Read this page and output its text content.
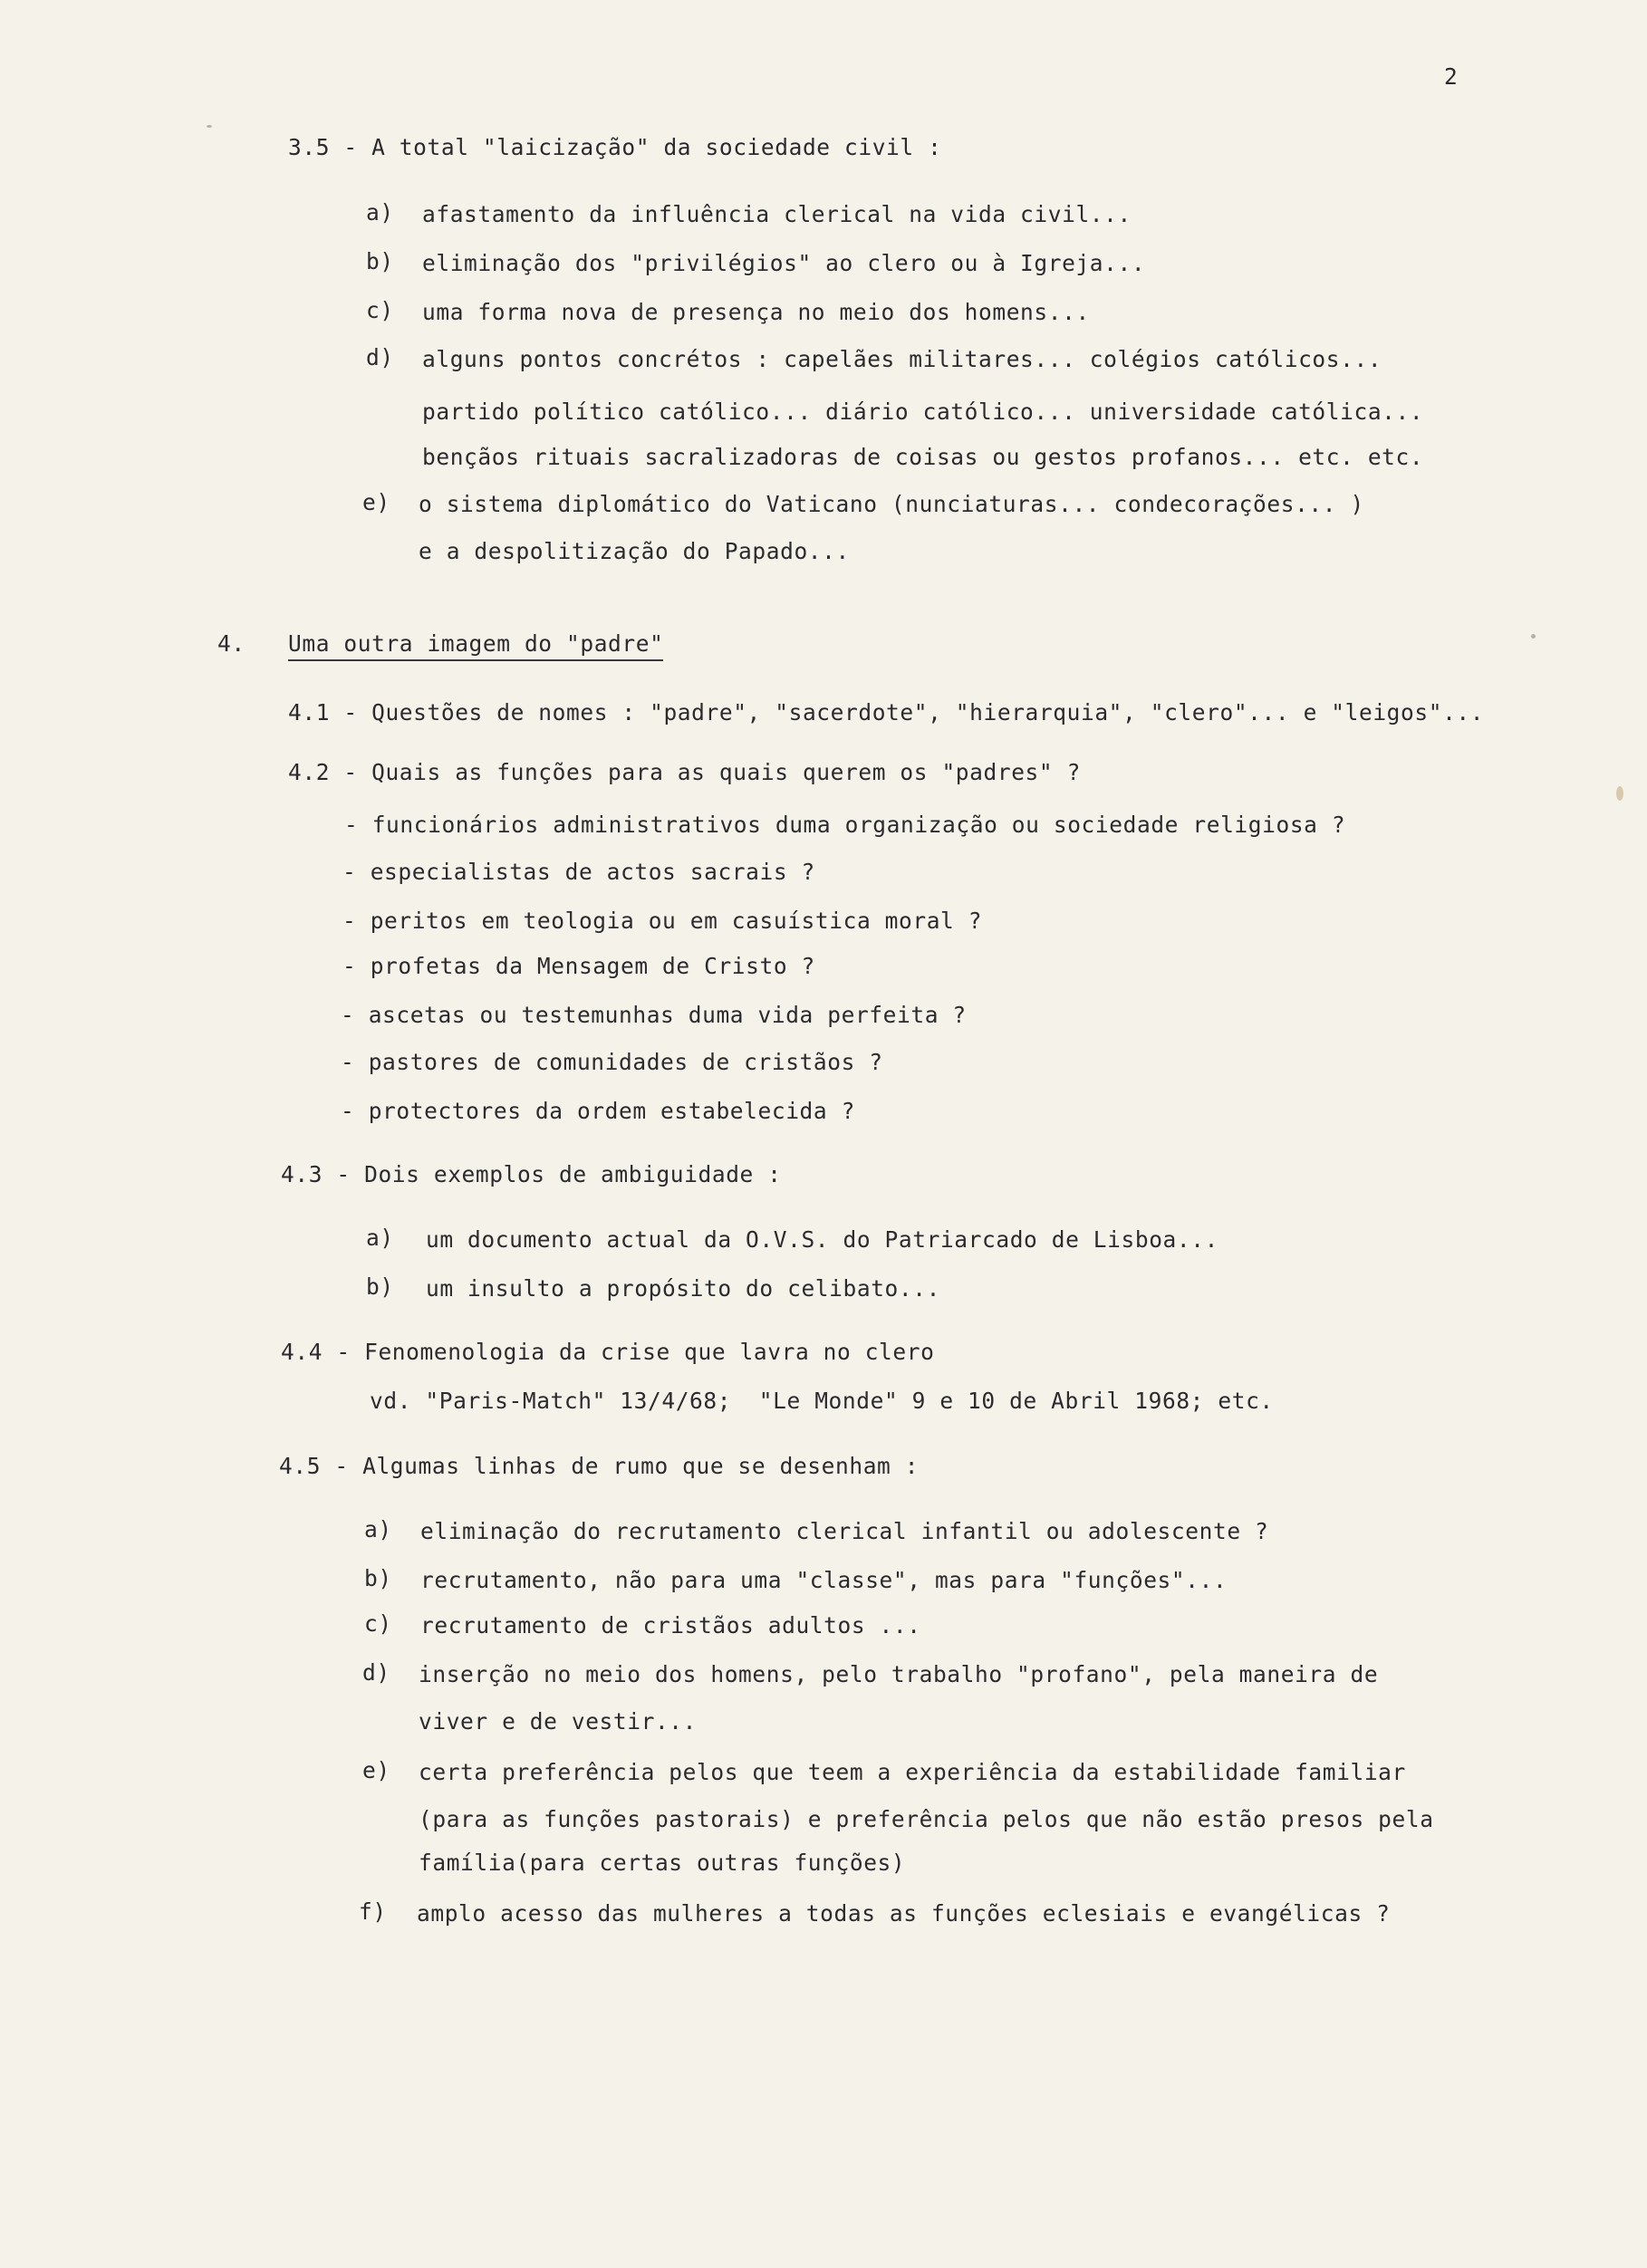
2
3.5 - A total "laicização" da sociedade civil :
a) afastamento da influência clerical na vida civil...
b) eliminação dos "privilégios" ao clero ou à Igreja...
c) uma forma nova de presença no meio dos homens...
d) alguns pontos concrétos : capelães militares... colégios católicos...
partido político católico... diário católico... universidade católica...
bençãos rituais sacralizadoras de coisas ou gestos profanos... etc. etc.
e) o sistema diplomático do Vaticano (nunciaturas... condecorações... )
e a despolitização do Papado...
4. Uma outra imagem do "padre"
4.1 - Questões de nomes : "padre", "sacerdote", "hierarquia", "clero"... e "leigos"...
4.2 - Quais as funções para as quais querem os "padres" ?
- funcionários administrativos duma organização ou sociedade religiosa ?
- especialistas de actos sacrais ?
- peritos em teologia ou em casuística moral ?
- profetas da Mensagem de Cristo ?
- ascetas ou testemunhas duma vida perfeita ?
- pastores de comunidades de cristãos ?
- protectores da ordem estabelecida ?
4.3 - Dois exemplos de ambiguidade :
a) um documento actual da O.V.S. do Patriarcado de Lisboa...
b) um insulto a propósito do celibato...
4.4 - Fenomenologia da crise que lavra no clero
vd. "Paris-Match" 13/4/68;  "Le Monde" 9 e 10 de Abril 1968; etc.
4.5 - Algumas linhas de rumo que se desenham :
a) eliminação do recrutamento clerical infantil ou adolescente ?
b) recrutamento, não para uma "classe", mas para "funções"...
c) recrutamento de cristãos adultos ...
d) inserção no meio dos homens, pelo trabalho "profano", pela maneira de
viver e de vestir...
e) certa preferência pelos que teem a experiência da estabilidade familiar
(para as funções pastorais) e preferência pelos que não estão presos pela
família(para certas outras funções)
f) amplo acesso das mulheres a todas as funções eclesiais e evangélicas ?
